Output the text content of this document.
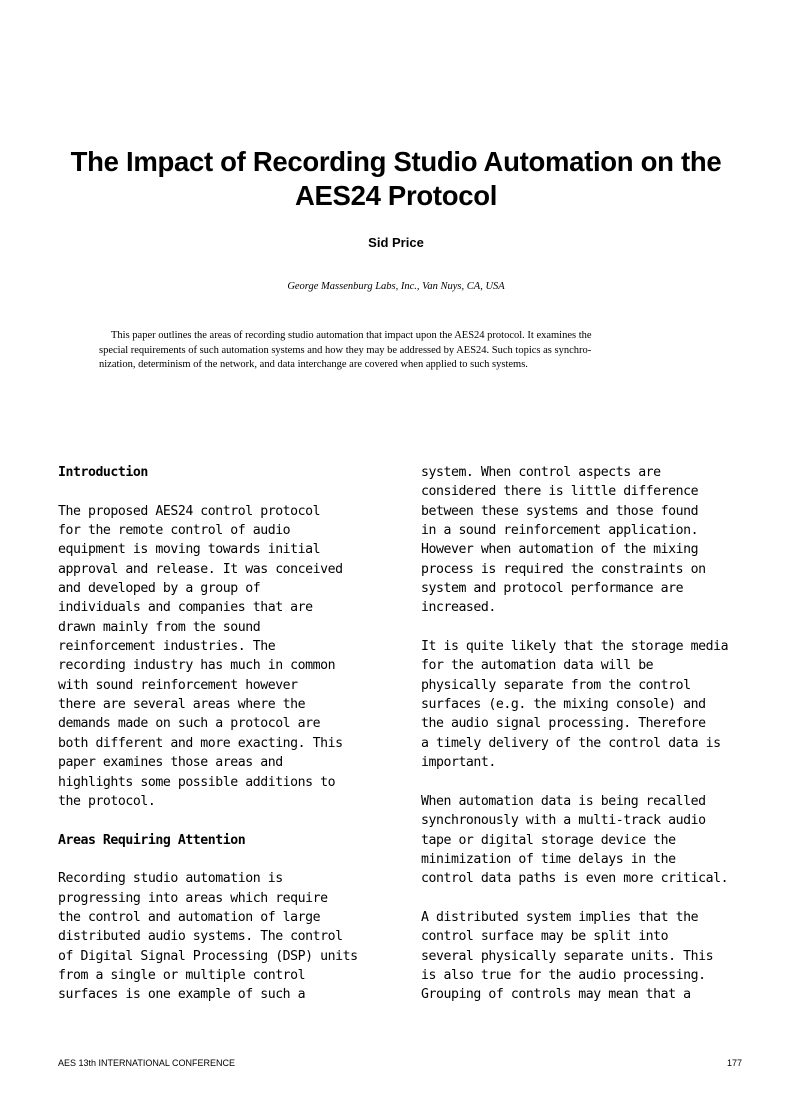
The Impact of Recording Studio Automation on the
AES24 Protocol
Sid Price
George Massenburg Labs, Inc., Van Nuys, CA, USA
This paper outlines the areas of recording studio automation that impact upon the AES24 protocol. It examines the
special requirements of such automation systems and how they may be addressed by AES24. Such topics as synchro-
nization, determinism of the network, and data interchange are covered when applied to such systems.

Introduction

The proposed AES24 control protocol
for the remote control of audio
equipment is moving towards initial
approval and release. It was conceived
and developed by a group of
individuals and companies that are
drawn mainly from the sound
reinforcement industries. The
recording industry has much in common
with sound reinforcement however
there are several areas where the
demands made on such a protocol are
both different and more exacting. This
paper examines those areas and
highlights some possible additions to
the protocol.

Areas Requiring Attention

Recording studio automation is
progressing into areas which require
the control and automation of large
distributed audio systems. The control
of Digital Signal Processing (DSP) units
from a single or multiple control
surfaces is one example of such a

system. When control aspects are
considered there is little difference
between these systems and those found
in a sound reinforcement application.
However when automation of the mixing
process is required the constraints on
system and protocol performance are
increased.

It is quite likely that the storage media
for the automation data will be
physically separate from the control
surfaces (e.g. the mixing console) and
the audio signal processing. Therefore
a timely delivery of the control data is
important.

When automation data is being recalled
synchronously with a multi-track audio
tape or digital storage device the
minimization of time delays in the
control data paths is even more critical.

A distributed system implies that the
control surface may be split into
several physically separate units. This
is also true for the audio processing.
Grouping of controls may mean that a

AES 13th INTERNATIONAL CONFERENCE	177
